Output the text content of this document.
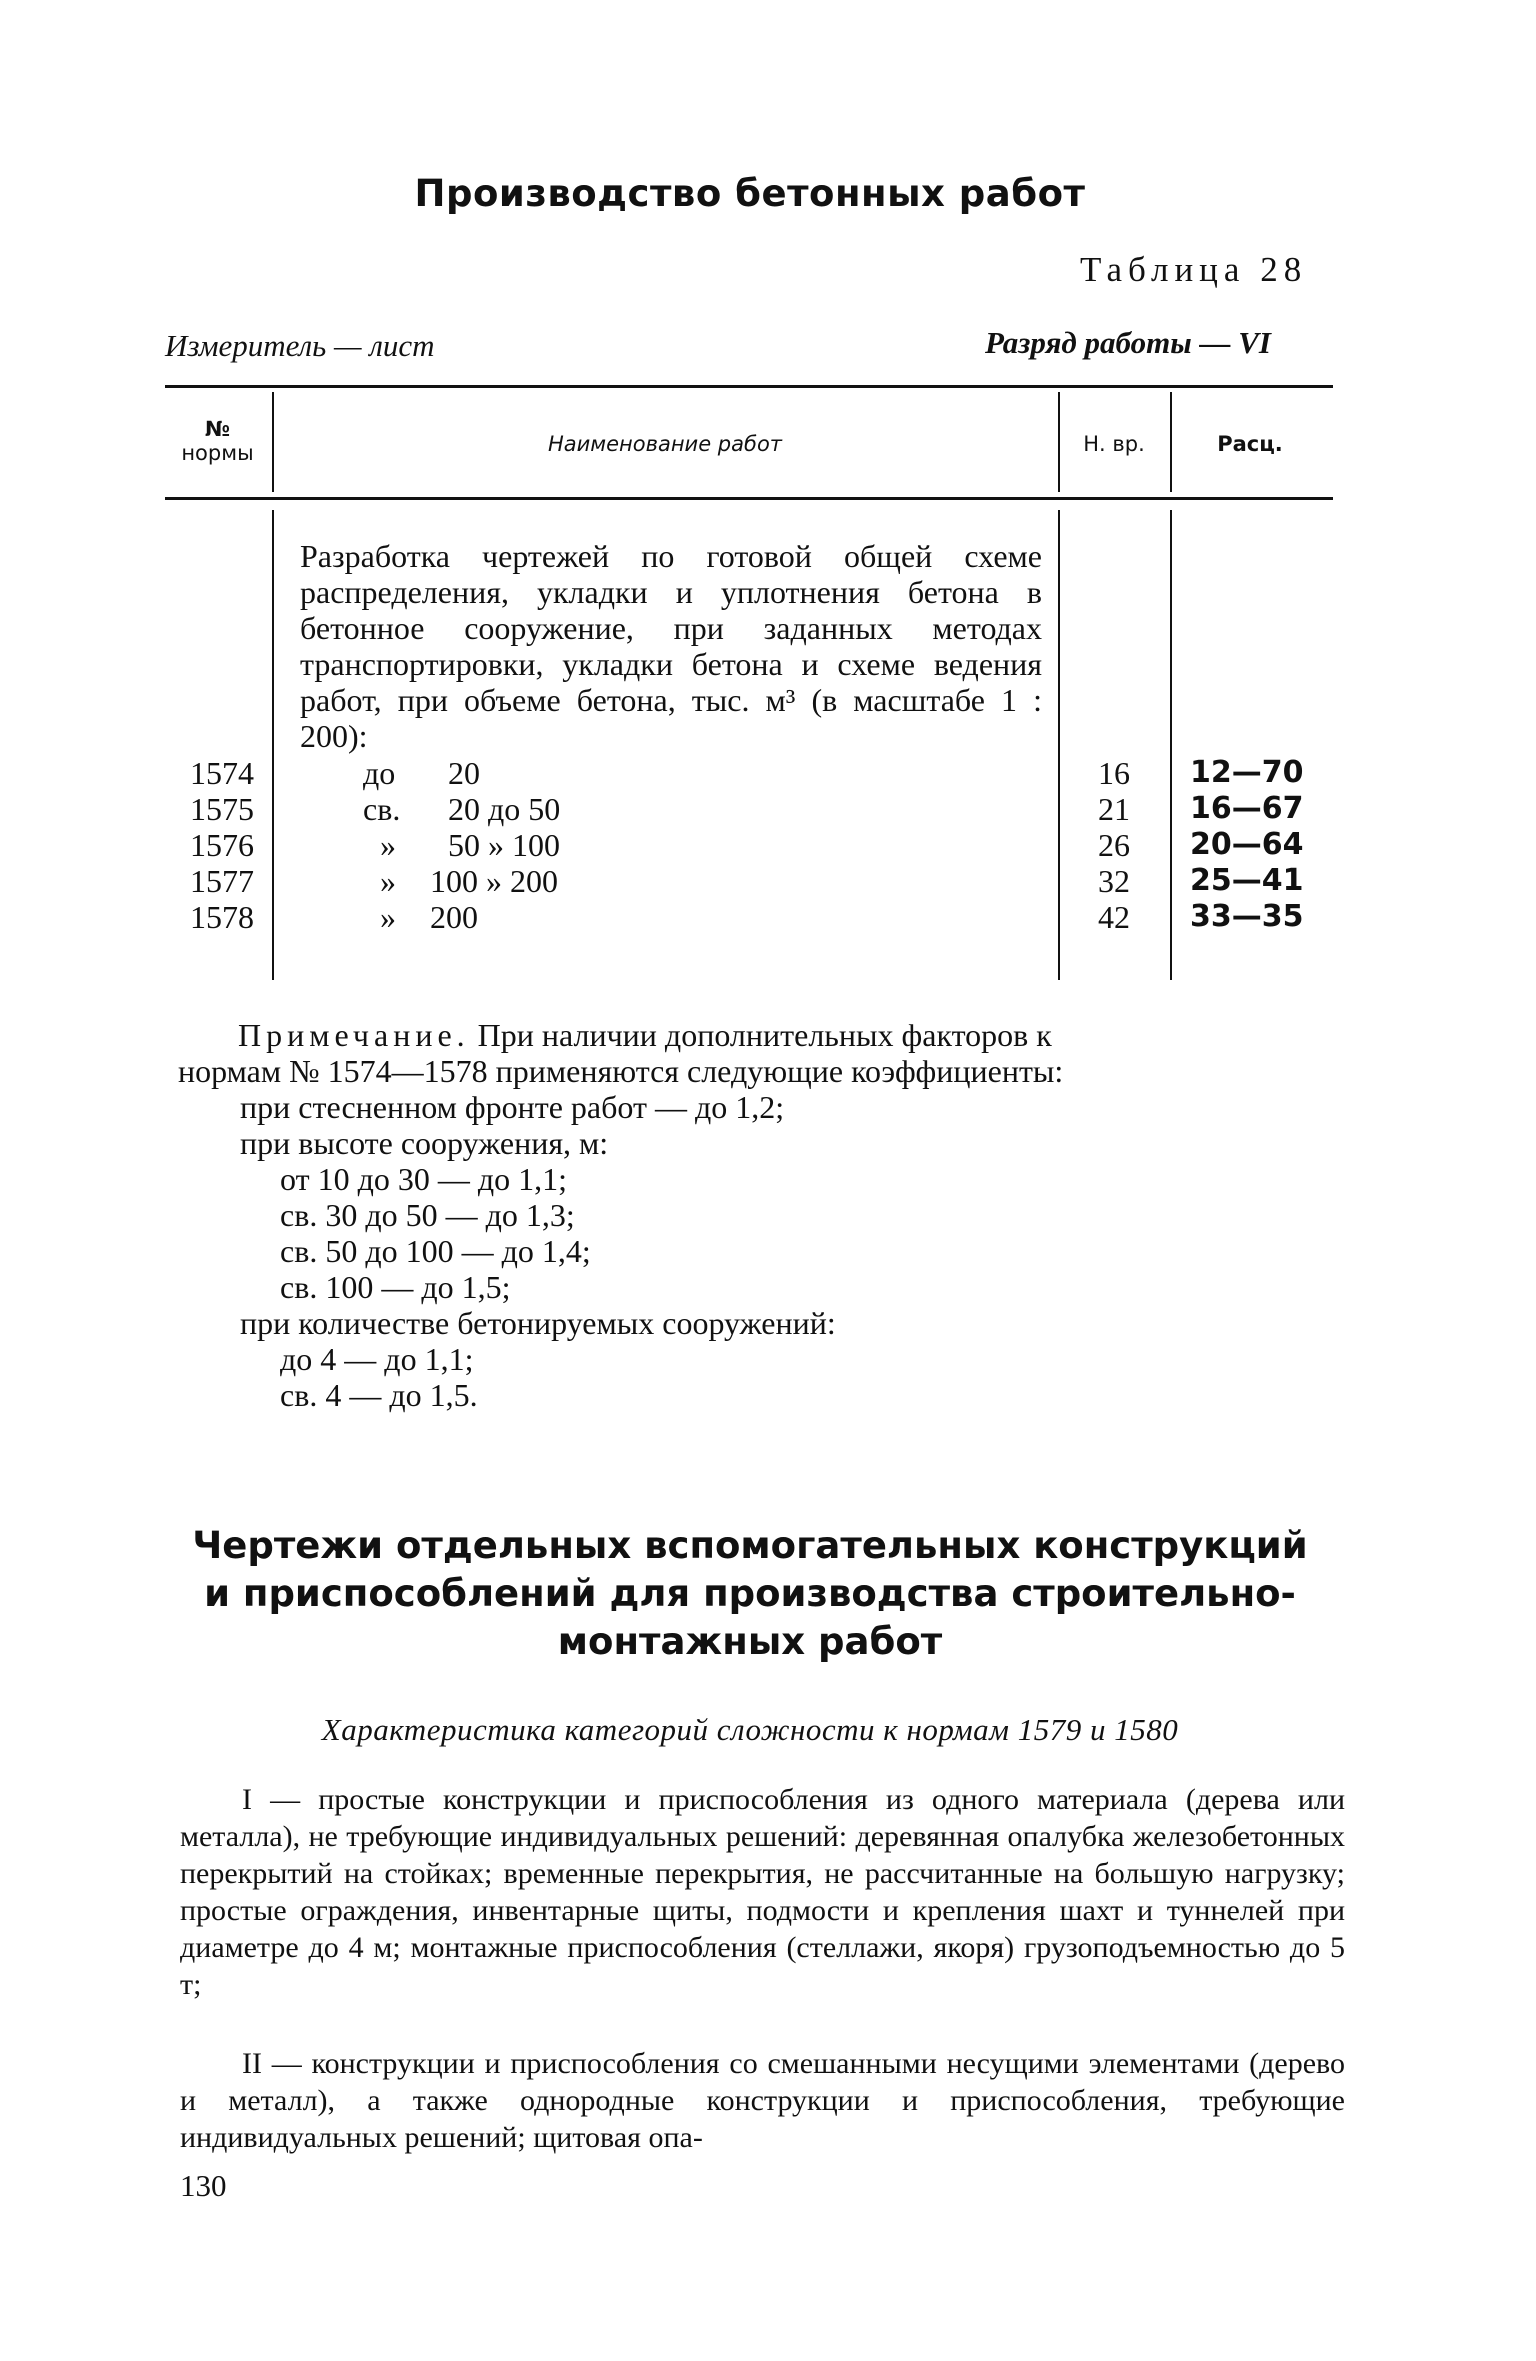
Производство бетонных работ
Таблица 28
Измеритель — лист	Разряд работы — VI
№
нормы	Наименование работ	Н. вр.	Расц.
Разработка чертежей по готовой общей схеме распределения, укладки и уплотнения бетона в бетонное сооружение, при заданных методах транспортировки, укладки бетона и схеме ведения работ, при объеме бетона, тыс. м³ (в масштабе 1 : 200):
1574	до	20	16	12—70
1575	св.	20 до 50	21	16—67
1576	»	50 » 100	26	20—64
1577	»	100 » 200	32	25—41
1578	»	200	42	33—35
Примечание. При наличии дополнительных факторов к
нормам № 1574—1578 применяются следующие коэффициенты:
при стесненном фронте работ — до 1,2;
при высоте сооружения, м:
от 10 до 30 — до 1,1;
св. 30 до 50 — до 1,3;
св. 50 до 100 — до 1,4;
св. 100 — до 1,5;
при количестве бетонируемых сооружений:
до 4 — до 1,1;
св. 4 — до 1,5.
Чертежи отдельных вспомогательных конструкций и приспособлений для производства строительно-монтажных работ
Характеристика категорий сложности к нормам 1579 и 1580
I — простые конструкции и приспособления из одного материала (дерева или металла), не требующие индивидуальных решений: деревянная опалубка железобетонных перекрытий на стойках; временные перекрытия, не рассчитанные на большую нагрузку; простые ограждения, инвентарные щиты, подмости и крепления шахт и туннелей при диаметре до 4 м; монтажные приспособления (стеллажи, якоря) грузоподъемностью до 5 т;
II — конструкции и приспособления со смешанными несущими элементами (дерево и металл), а также однородные конструкции и приспособления, требующие индивидуальных решений; щитовая опа-
130
